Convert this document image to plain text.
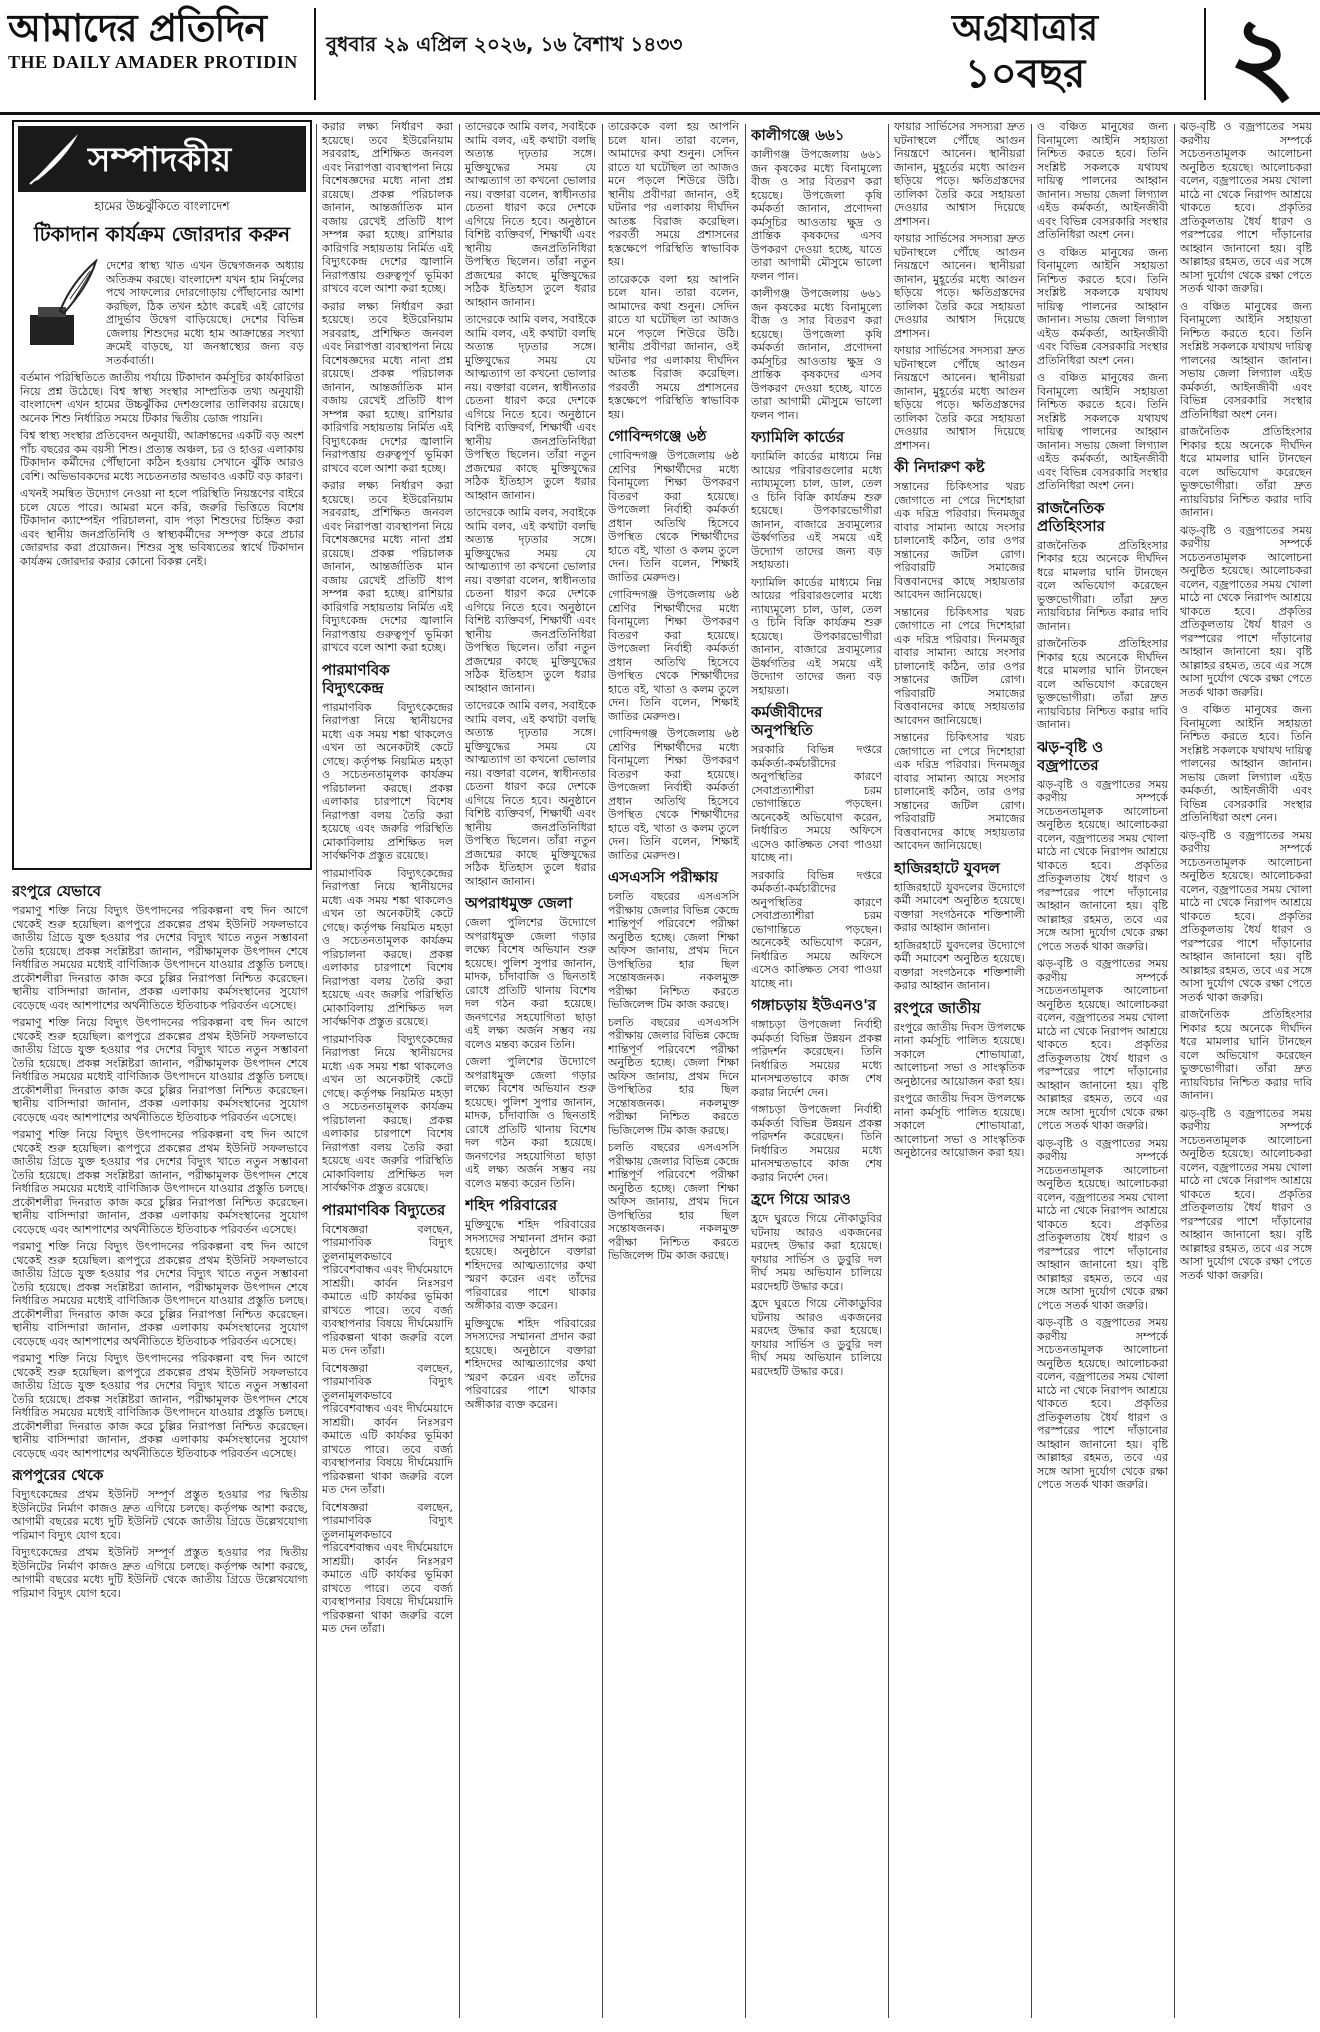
আমাদের প্রতিদিন
THE DAILY AMADER PROTIDIN
বুধবার ২৯ এপ্রিল ২০২৬, ১৬ বৈশাখ ১৪৩৩	অগ্রযাত্রার
১০বছর	২
সম্পাদকীয়
হামের উচ্চঝুঁকিতে বাংলাদেশ
টিকাদান কার্যক্রম জোরদার করুন

দেশের স্বাস্থ্য খাত এখন উদ্বেগজনক অধ্যায় অতিক্রম করছে। বাংলাদেশ যখন হাম নির্মূলের পথে সাফল্যের দোরগোড়ায় পৌঁছানোর আশা করছিল, ঠিক তখন হঠাৎ করেই এই রোগের প্রাদুর্ভাব উদ্বেগ বাড়িয়েছে। দেশের বিভিন্ন জেলায় শিশুদের মধ্যে হাম আক্রান্তের সংখ্যা ক্রমেই বাড়ছে, যা জনস্বাস্থ্যের জন্য বড় সতর্কবার্তা।

বর্তমান পরিস্থিতিতে জাতীয় পর্যায়ে টিকাদান কর্মসূচির কার্যকারিতা নিয়ে প্রশ্ন উঠেছে। বিশ্ব স্বাস্থ্য সংস্থার সাম্প্রতিক তথ্য অনুযায়ী বাংলাদেশ এখন হামের উচ্চঝুঁকির দেশগুলোর তালিকায় রয়েছে। অনেক শিশু নির্ধারিত সময়ে টিকার দ্বিতীয় ডোজ পায়নি।

বিশ্ব স্বাস্থ্য সংস্থার প্রতিবেদন অনুযায়ী, আক্রান্তদের একটি বড় অংশ পাঁচ বছরের কম বয়সী শিশু। প্রত্যন্ত অঞ্চল, চর ও হাওর এলাকায় টিকাদান কর্মীদের পৌঁছানো কঠিন হওয়ায় সেখানে ঝুঁকি আরও বেশি। অভিভাবকদের মধ্যে সচেতনতার অভাবও একটি বড় কারণ।

এখনই সমন্বিত উদ্যোগ নেওয়া না হলে পরিস্থিতি নিয়ন্ত্রণের বাইরে চলে যেতে পারে। আমরা মনে করি, জরুরি ভিত্তিতে বিশেষ টিকাদান ক্যাম্পেইন পরিচালনা, বাদ পড়া শিশুদের চিহ্নিত করা এবং স্থানীয় জনপ্রতিনিধি ও স্বাস্থ্যকর্মীদের সম্পৃক্ত করে প্রচার জোরদার করা প্রয়োজন। শিশুর সুস্থ ভবিষ্যতের স্বার্থে টিকাদান কার্যক্রম জোরদার করার কোনো বিকল্প নেই।

রংপুরে যেভাবে

পরমাণু শক্তি নিয়ে বিদ্যুৎ উৎপাদনের পরিকল্পনা বহু দিন আগে থেকেই শুরু হয়েছিল। রূপপুরে প্রকল্পের প্রথম ইউনিট সফলভাবে জাতীয় গ্রিডে যুক্ত হওয়ার পর দেশের বিদ্যুৎ খাতে নতুন সম্ভাবনা তৈরি হয়েছে। প্রকল্প সংশ্লিষ্টরা জানান, পরীক্ষামূলক উৎপাদন শেষে নির্ধারিত সময়ের মধ্যেই বাণিজ্যিক উৎপাদনে যাওয়ার প্রস্তুতি চলছে। প্রকৌশলীরা দিনরাত কাজ করে চুল্লির নিরাপত্তা নিশ্চিত করেছেন। স্থানীয় বাসিন্দারা জানান, প্রকল্প এলাকায় কর্মসংস্থানের সুযোগ বেড়েছে এবং আশপাশের অর্থনীতিতে ইতিবাচক পরিবর্তন এসেছে।

পরমাণু শক্তি নিয়ে বিদ্যুৎ উৎপাদনের পরিকল্পনা বহু দিন আগে থেকেই শুরু হয়েছিল। রূপপুরে প্রকল্পের প্রথম ইউনিট সফলভাবে জাতীয় গ্রিডে যুক্ত হওয়ার পর দেশের বিদ্যুৎ খাতে নতুন সম্ভাবনা তৈরি হয়েছে। প্রকল্প সংশ্লিষ্টরা জানান, পরীক্ষামূলক উৎপাদন শেষে নির্ধারিত সময়ের মধ্যেই বাণিজ্যিক উৎপাদনে যাওয়ার প্রস্তুতি চলছে। প্রকৌশলীরা দিনরাত কাজ করে চুল্লির নিরাপত্তা নিশ্চিত করেছেন। স্থানীয় বাসিন্দারা জানান, প্রকল্প এলাকায় কর্মসংস্থানের সুযোগ বেড়েছে এবং আশপাশের অর্থনীতিতে ইতিবাচক পরিবর্তন এসেছে।

পরমাণু শক্তি নিয়ে বিদ্যুৎ উৎপাদনের পরিকল্পনা বহু দিন আগে থেকেই শুরু হয়েছিল। রূপপুরে প্রকল্পের প্রথম ইউনিট সফলভাবে জাতীয় গ্রিডে যুক্ত হওয়ার পর দেশের বিদ্যুৎ খাতে নতুন সম্ভাবনা তৈরি হয়েছে। প্রকল্প সংশ্লিষ্টরা জানান, পরীক্ষামূলক উৎপাদন শেষে নির্ধারিত সময়ের মধ্যেই বাণিজ্যিক উৎপাদনে যাওয়ার প্রস্তুতি চলছে। প্রকৌশলীরা দিনরাত কাজ করে চুল্লির নিরাপত্তা নিশ্চিত করেছেন। স্থানীয় বাসিন্দারা জানান, প্রকল্প এলাকায় কর্মসংস্থানের সুযোগ বেড়েছে এবং আশপাশের অর্থনীতিতে ইতিবাচক পরিবর্তন এসেছে।

পরমাণু শক্তি নিয়ে বিদ্যুৎ উৎপাদনের পরিকল্পনা বহু দিন আগে থেকেই শুরু হয়েছিল। রূপপুরে প্রকল্পের প্রথম ইউনিট সফলভাবে জাতীয় গ্রিডে যুক্ত হওয়ার পর দেশের বিদ্যুৎ খাতে নতুন সম্ভাবনা তৈরি হয়েছে। প্রকল্প সংশ্লিষ্টরা জানান, পরীক্ষামূলক উৎপাদন শেষে নির্ধারিত সময়ের মধ্যেই বাণিজ্যিক উৎপাদনে যাওয়ার প্রস্তুতি চলছে। প্রকৌশলীরা দিনরাত কাজ করে চুল্লির নিরাপত্তা নিশ্চিত করেছেন। স্থানীয় বাসিন্দারা জানান, প্রকল্প এলাকায় কর্মসংস্থানের সুযোগ বেড়েছে এবং আশপাশের অর্থনীতিতে ইতিবাচক পরিবর্তন এসেছে।

পরমাণু শক্তি নিয়ে বিদ্যুৎ উৎপাদনের পরিকল্পনা বহু দিন আগে থেকেই শুরু হয়েছিল। রূপপুরে প্রকল্পের প্রথম ইউনিট সফলভাবে জাতীয় গ্রিডে যুক্ত হওয়ার পর দেশের বিদ্যুৎ খাতে নতুন সম্ভাবনা তৈরি হয়েছে। প্রকল্প সংশ্লিষ্টরা জানান, পরীক্ষামূলক উৎপাদন শেষে নির্ধারিত সময়ের মধ্যেই বাণিজ্যিক উৎপাদনে যাওয়ার প্রস্তুতি চলছে। প্রকৌশলীরা দিনরাত কাজ করে চুল্লির নিরাপত্তা নিশ্চিত করেছেন। স্থানীয় বাসিন্দারা জানান, প্রকল্প এলাকায় কর্মসংস্থানের সুযোগ বেড়েছে এবং আশপাশের অর্থনীতিতে ইতিবাচক পরিবর্তন এসেছে।

রূপপুরের থেকে

বিদ্যুৎকেন্দ্রের প্রথম ইউনিট সম্পূর্ণ প্রস্তুত হওয়ার পর দ্বিতীয় ইউনিটের নির্মাণ কাজও দ্রুত এগিয়ে চলছে। কর্তৃপক্ষ আশা করছে, আগামী বছরের মধ্যে দুটি ইউনিট থেকে জাতীয় গ্রিডে উল্লেখযোগ্য পরিমাণ বিদ্যুৎ যোগ হবে।

বিদ্যুৎকেন্দ্রের প্রথম ইউনিট সম্পূর্ণ প্রস্তুত হওয়ার পর দ্বিতীয় ইউনিটের নির্মাণ কাজও দ্রুত এগিয়ে চলছে। কর্তৃপক্ষ আশা করছে, আগামী বছরের মধ্যে দুটি ইউনিট থেকে জাতীয় গ্রিডে উল্লেখযোগ্য পরিমাণ বিদ্যুৎ যোগ হবে।

করার লক্ষ্য নির্ধারণ করা হয়েছে। তবে ইউরেনিয়াম সরবরাহ, প্রশিক্ষিত জনবল এবং নিরাপত্তা ব্যবস্থাপনা নিয়ে বিশেষজ্ঞদের মধ্যে নানা প্রশ্ন রয়েছে। প্রকল্প পরিচালক জানান, আন্তর্জাতিক মান বজায় রেখেই প্রতিটি ধাপ সম্পন্ন করা হচ্ছে। রাশিয়ার কারিগরি সহায়তায় নির্মিত এই বিদ্যুৎকেন্দ্র দেশের জ্বালানি নিরাপত্তায় গুরুত্বপূর্ণ ভূমিকা রাখবে বলে আশা করা হচ্ছে।

করার লক্ষ্য নির্ধারণ করা হয়েছে। তবে ইউরেনিয়াম সরবরাহ, প্রশিক্ষিত জনবল এবং নিরাপত্তা ব্যবস্থাপনা নিয়ে বিশেষজ্ঞদের মধ্যে নানা প্রশ্ন রয়েছে। প্রকল্প পরিচালক জানান, আন্তর্জাতিক মান বজায় রেখেই প্রতিটি ধাপ সম্পন্ন করা হচ্ছে। রাশিয়ার কারিগরি সহায়তায় নির্মিত এই বিদ্যুৎকেন্দ্র দেশের জ্বালানি নিরাপত্তায় গুরুত্বপূর্ণ ভূমিকা রাখবে বলে আশা করা হচ্ছে।

করার লক্ষ্য নির্ধারণ করা হয়েছে। তবে ইউরেনিয়াম সরবরাহ, প্রশিক্ষিত জনবল এবং নিরাপত্তা ব্যবস্থাপনা নিয়ে বিশেষজ্ঞদের মধ্যে নানা প্রশ্ন রয়েছে। প্রকল্প পরিচালক জানান, আন্তর্জাতিক মান বজায় রেখেই প্রতিটি ধাপ সম্পন্ন করা হচ্ছে। রাশিয়ার কারিগরি সহায়তায় নির্মিত এই বিদ্যুৎকেন্দ্র দেশের জ্বালানি নিরাপত্তায় গুরুত্বপূর্ণ ভূমিকা রাখবে বলে আশা করা হচ্ছে।

পারমাণবিক বিদ্যুৎকেন্দ্র

পারমাণবিক বিদ্যুৎকেন্দ্রের নিরাপত্তা নিয়ে স্থানীয়দের মধ্যে এক সময় শঙ্কা থাকলেও এখন তা অনেকটাই কেটে গেছে। কর্তৃপক্ষ নিয়মিত মহড়া ও সচেতনতামূলক কার্যক্রম পরিচালনা করছে। প্রকল্প এলাকার চারপাশে বিশেষ নিরাপত্তা বলয় তৈরি করা হয়েছে এবং জরুরি পরিস্থিতি মোকাবিলায় প্রশিক্ষিত দল সার্বক্ষণিক প্রস্তুত রয়েছে।

পারমাণবিক বিদ্যুৎকেন্দ্রের নিরাপত্তা নিয়ে স্থানীয়দের মধ্যে এক সময় শঙ্কা থাকলেও এখন তা অনেকটাই কেটে গেছে। কর্তৃপক্ষ নিয়মিত মহড়া ও সচেতনতামূলক কার্যক্রম পরিচালনা করছে। প্রকল্প এলাকার চারপাশে বিশেষ নিরাপত্তা বলয় তৈরি করা হয়েছে এবং জরুরি পরিস্থিতি মোকাবিলায় প্রশিক্ষিত দল সার্বক্ষণিক প্রস্তুত রয়েছে।

পারমাণবিক বিদ্যুৎকেন্দ্রের নিরাপত্তা নিয়ে স্থানীয়দের মধ্যে এক সময় শঙ্কা থাকলেও এখন তা অনেকটাই কেটে গেছে। কর্তৃপক্ষ নিয়মিত মহড়া ও সচেতনতামূলক কার্যক্রম পরিচালনা করছে। প্রকল্প এলাকার চারপাশে বিশেষ নিরাপত্তা বলয় তৈরি করা হয়েছে এবং জরুরি পরিস্থিতি মোকাবিলায় প্রশিক্ষিত দল সার্বক্ষণিক প্রস্তুত রয়েছে।

পারমাণবিক বিদ্যুতের

বিশেষজ্ঞরা বলছেন, পারমাণবিক বিদ্যুৎ তুলনামূলকভাবে পরিবেশবান্ধব এবং দীর্ঘমেয়াদে সাশ্রয়ী। কার্বন নিঃসরণ কমাতে এটি কার্যকর ভূমিকা রাখতে পারে। তবে বর্জ্য ব্যবস্থাপনার বিষয়ে দীর্ঘমেয়াদি পরিকল্পনা থাকা জরুরি বলে মত দেন তাঁরা।

বিশেষজ্ঞরা বলছেন, পারমাণবিক বিদ্যুৎ তুলনামূলকভাবে পরিবেশবান্ধব এবং দীর্ঘমেয়াদে সাশ্রয়ী। কার্বন নিঃসরণ কমাতে এটি কার্যকর ভূমিকা রাখতে পারে। তবে বর্জ্য ব্যবস্থাপনার বিষয়ে দীর্ঘমেয়াদি পরিকল্পনা থাকা জরুরি বলে মত দেন তাঁরা।

বিশেষজ্ঞরা বলছেন, পারমাণবিক বিদ্যুৎ তুলনামূলকভাবে পরিবেশবান্ধব এবং দীর্ঘমেয়াদে সাশ্রয়ী। কার্বন নিঃসরণ কমাতে এটি কার্যকর ভূমিকা রাখতে পারে। তবে বর্জ্য ব্যবস্থাপনার বিষয়ে দীর্ঘমেয়াদি পরিকল্পনা থাকা জরুরি বলে মত দেন তাঁরা।

তাদেরকে আমি বলব, সবাইকে আমি বলব, এই কথাটা বলছি অত্যন্ত দৃঢ়তার সঙ্গে। মুক্তিযুদ্ধের সময় যে আত্মত্যাগ তা কখনো ভোলার নয়। বক্তারা বলেন, স্বাধীনতার চেতনা ধারণ করে দেশকে এগিয়ে নিতে হবে। অনুষ্ঠানে বিশিষ্ট ব্যক্তিবর্গ, শিক্ষার্থী এবং স্থানীয় জনপ্রতিনিধিরা উপস্থিত ছিলেন। তাঁরা নতুন প্রজন্মের কাছে মুক্তিযুদ্ধের সঠিক ইতিহাস তুলে ধরার আহ্বান জানান।

তাদেরকে আমি বলব, সবাইকে আমি বলব, এই কথাটা বলছি অত্যন্ত দৃঢ়তার সঙ্গে। মুক্তিযুদ্ধের সময় যে আত্মত্যাগ তা কখনো ভোলার নয়। বক্তারা বলেন, স্বাধীনতার চেতনা ধারণ করে দেশকে এগিয়ে নিতে হবে। অনুষ্ঠানে বিশিষ্ট ব্যক্তিবর্গ, শিক্ষার্থী এবং স্থানীয় জনপ্রতিনিধিরা উপস্থিত ছিলেন। তাঁরা নতুন প্রজন্মের কাছে মুক্তিযুদ্ধের সঠিক ইতিহাস তুলে ধরার আহ্বান জানান।

তাদেরকে আমি বলব, সবাইকে আমি বলব, এই কথাটা বলছি অত্যন্ত দৃঢ়তার সঙ্গে। মুক্তিযুদ্ধের সময় যে আত্মত্যাগ তা কখনো ভোলার নয়। বক্তারা বলেন, স্বাধীনতার চেতনা ধারণ করে দেশকে এগিয়ে নিতে হবে। অনুষ্ঠানে বিশিষ্ট ব্যক্তিবর্গ, শিক্ষার্থী এবং স্থানীয় জনপ্রতিনিধিরা উপস্থিত ছিলেন। তাঁরা নতুন প্রজন্মের কাছে মুক্তিযুদ্ধের সঠিক ইতিহাস তুলে ধরার আহ্বান জানান।

তাদেরকে আমি বলব, সবাইকে আমি বলব, এই কথাটা বলছি অত্যন্ত দৃঢ়তার সঙ্গে। মুক্তিযুদ্ধের সময় যে আত্মত্যাগ তা কখনো ভোলার নয়। বক্তারা বলেন, স্বাধীনতার চেতনা ধারণ করে দেশকে এগিয়ে নিতে হবে। অনুষ্ঠানে বিশিষ্ট ব্যক্তিবর্গ, শিক্ষার্থী এবং স্থানীয় জনপ্রতিনিধিরা উপস্থিত ছিলেন। তাঁরা নতুন প্রজন্মের কাছে মুক্তিযুদ্ধের সঠিক ইতিহাস তুলে ধরার আহ্বান জানান।

অপরাধমুক্ত জেলা

জেলা পুলিশের উদ্যোগে অপরাধমুক্ত জেলা গড়ার লক্ষ্যে বিশেষ অভিযান শুরু হয়েছে। পুলিশ সুপার জানান, মাদক, চাঁদাবাজি ও ছিনতাই রোধে প্রতিটি থানায় বিশেষ দল গঠন করা হয়েছে। জনগণের সহযোগিতা ছাড়া এই লক্ষ্য অর্জন সম্ভব নয় বলেও মন্তব্য করেন তিনি।

জেলা পুলিশের উদ্যোগে অপরাধমুক্ত জেলা গড়ার লক্ষ্যে বিশেষ অভিযান শুরু হয়েছে। পুলিশ সুপার জানান, মাদক, চাঁদাবাজি ও ছিনতাই রোধে প্রতিটি থানায় বিশেষ দল গঠন করা হয়েছে। জনগণের সহযোগিতা ছাড়া এই লক্ষ্য অর্জন সম্ভব নয় বলেও মন্তব্য করেন তিনি।

শহিদ পরিবারের

মুক্তিযুদ্ধে শহিদ পরিবারের সদস্যদের সম্মাননা প্রদান করা হয়েছে। অনুষ্ঠানে বক্তারা শহিদদের আত্মত্যাগের কথা স্মরণ করেন এবং তাঁদের পরিবারের পাশে থাকার অঙ্গীকার ব্যক্ত করেন।

মুক্তিযুদ্ধে শহিদ পরিবারের সদস্যদের সম্মাননা প্রদান করা হয়েছে। অনুষ্ঠানে বক্তারা শহিদদের আত্মত্যাগের কথা স্মরণ করেন এবং তাঁদের পরিবারের পাশে থাকার অঙ্গীকার ব্যক্ত করেন।

তারেককে বলা হয় আপনি চলে যান। তারা বলেন, আমাদের কথা শুনুন। সেদিন রাতে যা ঘটেছিল তা আজও মনে পড়লে শিউরে উঠি। স্থানীয় প্রবীণরা জানান, ওই ঘটনার পর এলাকায় দীর্ঘদিন আতঙ্ক বিরাজ করেছিল। পরবর্তী সময়ে প্রশাসনের হস্তক্ষেপে পরিস্থিতি স্বাভাবিক হয়।

তারেককে বলা হয় আপনি চলে যান। তারা বলেন, আমাদের কথা শুনুন। সেদিন রাতে যা ঘটেছিল তা আজও মনে পড়লে শিউরে উঠি। স্থানীয় প্রবীণরা জানান, ওই ঘটনার পর এলাকায় দীর্ঘদিন আতঙ্ক বিরাজ করেছিল। পরবর্তী সময়ে প্রশাসনের হস্তক্ষেপে পরিস্থিতি স্বাভাবিক হয়।

গোবিন্দগঞ্জে ৬ষ্ঠ

গোবিন্দগঞ্জ উপজেলায় ৬ষ্ঠ শ্রেণির শিক্ষার্থীদের মধ্যে বিনামূল্যে শিক্ষা উপকরণ বিতরণ করা হয়েছে। উপজেলা নির্বাহী কর্মকর্তা প্রধান অতিথি হিসেবে উপস্থিত থেকে শিক্ষার্থীদের হাতে বই, খাতা ও কলম তুলে দেন। তিনি বলেন, শিক্ষাই জাতির মেরুদণ্ড।

গোবিন্দগঞ্জ উপজেলায় ৬ষ্ঠ শ্রেণির শিক্ষার্থীদের মধ্যে বিনামূল্যে শিক্ষা উপকরণ বিতরণ করা হয়েছে। উপজেলা নির্বাহী কর্মকর্তা প্রধান অতিথি হিসেবে উপস্থিত থেকে শিক্ষার্থীদের হাতে বই, খাতা ও কলম তুলে দেন। তিনি বলেন, শিক্ষাই জাতির মেরুদণ্ড।

গোবিন্দগঞ্জ উপজেলায় ৬ষ্ঠ শ্রেণির শিক্ষার্থীদের মধ্যে বিনামূল্যে শিক্ষা উপকরণ বিতরণ করা হয়েছে। উপজেলা নির্বাহী কর্মকর্তা প্রধান অতিথি হিসেবে উপস্থিত থেকে শিক্ষার্থীদের হাতে বই, খাতা ও কলম তুলে দেন। তিনি বলেন, শিক্ষাই জাতির মেরুদণ্ড।

এসএসসি পরীক্ষায়

চলতি বছরের এসএসসি পরীক্ষায় জেলার বিভিন্ন কেন্দ্রে শান্তিপূর্ণ পরিবেশে পরীক্ষা অনুষ্ঠিত হচ্ছে। জেলা শিক্ষা অফিস জানায়, প্রথম দিনে উপস্থিতির হার ছিল সন্তোষজনক। নকলমুক্ত পরীক্ষা নিশ্চিত করতে ভিজিলেন্স টিম কাজ করছে।

চলতি বছরের এসএসসি পরীক্ষায় জেলার বিভিন্ন কেন্দ্রে শান্তিপূর্ণ পরিবেশে পরীক্ষা অনুষ্ঠিত হচ্ছে। জেলা শিক্ষা অফিস জানায়, প্রথম দিনে উপস্থিতির হার ছিল সন্তোষজনক। নকলমুক্ত পরীক্ষা নিশ্চিত করতে ভিজিলেন্স টিম কাজ করছে।

চলতি বছরের এসএসসি পরীক্ষায় জেলার বিভিন্ন কেন্দ্রে শান্তিপূর্ণ পরিবেশে পরীক্ষা অনুষ্ঠিত হচ্ছে। জেলা শিক্ষা অফিস জানায়, প্রথম দিনে উপস্থিতির হার ছিল সন্তোষজনক। নকলমুক্ত পরীক্ষা নিশ্চিত করতে ভিজিলেন্স টিম কাজ করছে।

কালীগঞ্জে ৬৬১

কালীগঞ্জ উপজেলায় ৬৬১ জন কৃষকের মধ্যে বিনামূল্যে বীজ ও সার বিতরণ করা হয়েছে। উপজেলা কৃষি কর্মকর্তা জানান, প্রণোদনা কর্মসূচির আওতায় ক্ষুদ্র ও প্রান্তিক কৃষকদের এসব উপকরণ দেওয়া হচ্ছে, যাতে তারা আগামী মৌসুমে ভালো ফলন পান।

কালীগঞ্জ উপজেলায় ৬৬১ জন কৃষকের মধ্যে বিনামূল্যে বীজ ও সার বিতরণ করা হয়েছে। উপজেলা কৃষি কর্মকর্তা জানান, প্রণোদনা কর্মসূচির আওতায় ক্ষুদ্র ও প্রান্তিক কৃষকদের এসব উপকরণ দেওয়া হচ্ছে, যাতে তারা আগামী মৌসুমে ভালো ফলন পান।

ফ্যামিলি কার্ডের

ফ্যামিলি কার্ডের মাধ্যমে নিম্ন আয়ের পরিবারগুলোর মধ্যে ন্যায্যমূল্যে চাল, ডাল, তেল ও চিনি বিক্রি কার্যক্রম শুরু হয়েছে। উপকারভোগীরা জানান, বাজারে দ্রব্যমূল্যের ঊর্ধ্বগতির এই সময়ে এই উদ্যোগ তাদের জন্য বড় সহায়তা।

ফ্যামিলি কার্ডের মাধ্যমে নিম্ন আয়ের পরিবারগুলোর মধ্যে ন্যায্যমূল্যে চাল, ডাল, তেল ও চিনি বিক্রি কার্যক্রম শুরু হয়েছে। উপকারভোগীরা জানান, বাজারে দ্রব্যমূল্যের ঊর্ধ্বগতির এই সময়ে এই উদ্যোগ তাদের জন্য বড় সহায়তা।

কর্মজীবীদের অনুপস্থিতি

সরকারি বিভিন্ন দপ্তরে কর্মকর্তা-কর্মচারীদের অনুপস্থিতির কারণে সেবাপ্রত্যাশীরা চরম ভোগান্তিতে পড়ছেন। অনেকেই অভিযোগ করেন, নির্ধারিত সময়ে অফিসে এসেও কাঙ্ক্ষিত সেবা পাওয়া যাচ্ছে না।

সরকারি বিভিন্ন দপ্তরে কর্মকর্তা-কর্মচারীদের অনুপস্থিতির কারণে সেবাপ্রত্যাশীরা চরম ভোগান্তিতে পড়ছেন। অনেকেই অভিযোগ করেন, নির্ধারিত সময়ে অফিসে এসেও কাঙ্ক্ষিত সেবা পাওয়া যাচ্ছে না।

গঙ্গাচড়ায় ইউএনও'র

গঙ্গাচড়া উপজেলা নির্বাহী কর্মকর্তা বিভিন্ন উন্নয়ন প্রকল্প পরিদর্শন করেছেন। তিনি নির্ধারিত সময়ের মধ্যে মানসম্মতভাবে কাজ শেষ করার নির্দেশ দেন।

গঙ্গাচড়া উপজেলা নির্বাহী কর্মকর্তা বিভিন্ন উন্নয়ন প্রকল্প পরিদর্শন করেছেন। তিনি নির্ধারিত সময়ের মধ্যে মানসম্মতভাবে কাজ শেষ করার নির্দেশ দেন।

হ্রদে গিয়ে আরও

হ্রদে ঘুরতে গিয়ে নৌকাডুবির ঘটনায় আরও একজনের মরদেহ উদ্ধার করা হয়েছে। ফায়ার সার্ভিস ও ডুবুরি দল দীর্ঘ সময় অভিযান চালিয়ে মরদেহটি উদ্ধার করে।

হ্রদে ঘুরতে গিয়ে নৌকাডুবির ঘটনায় আরও একজনের মরদেহ উদ্ধার করা হয়েছে। ফায়ার সার্ভিস ও ডুবুরি দল দীর্ঘ সময় অভিযান চালিয়ে মরদেহটি উদ্ধার করে।

ফায়ার সার্ভিসের সদস্যরা দ্রুত ঘটনাস্থলে পৌঁছে আগুন নিয়ন্ত্রণে আনেন। স্থানীয়রা জানান, মুহূর্তের মধ্যে আগুন ছড়িয়ে পড়ে। ক্ষতিগ্রস্তদের তালিকা তৈরি করে সহায়তা দেওয়ার আশ্বাস দিয়েছে প্রশাসন।

ফায়ার সার্ভিসের সদস্যরা দ্রুত ঘটনাস্থলে পৌঁছে আগুন নিয়ন্ত্রণে আনেন। স্থানীয়রা জানান, মুহূর্তের মধ্যে আগুন ছড়িয়ে পড়ে। ক্ষতিগ্রস্তদের তালিকা তৈরি করে সহায়তা দেওয়ার আশ্বাস দিয়েছে প্রশাসন।

ফায়ার সার্ভিসের সদস্যরা দ্রুত ঘটনাস্থলে পৌঁছে আগুন নিয়ন্ত্রণে আনেন। স্থানীয়রা জানান, মুহূর্তের মধ্যে আগুন ছড়িয়ে পড়ে। ক্ষতিগ্রস্তদের তালিকা তৈরি করে সহায়তা দেওয়ার আশ্বাস দিয়েছে প্রশাসন।

কী নিদারুণ কষ্ট

সন্তানের চিকিৎসার খরচ জোগাতে না পেরে দিশেহারা এক দরিদ্র পরিবার। দিনমজুর বাবার সামান্য আয়ে সংসার চালানোই কঠিন, তার ওপর সন্তানের জটিল রোগ। পরিবারটি সমাজের বিত্তবানদের কাছে সহায়তার আবেদন জানিয়েছে।

সন্তানের চিকিৎসার খরচ জোগাতে না পেরে দিশেহারা এক দরিদ্র পরিবার। দিনমজুর বাবার সামান্য আয়ে সংসার চালানোই কঠিন, তার ওপর সন্তানের জটিল রোগ। পরিবারটি সমাজের বিত্তবানদের কাছে সহায়তার আবেদন জানিয়েছে।

সন্তানের চিকিৎসার খরচ জোগাতে না পেরে দিশেহারা এক দরিদ্র পরিবার। দিনমজুর বাবার সামান্য আয়ে সংসার চালানোই কঠিন, তার ওপর সন্তানের জটিল রোগ। পরিবারটি সমাজের বিত্তবানদের কাছে সহায়তার আবেদন জানিয়েছে।

হাজিরহাটে যুবদল

হাজিরহাটে যুবদলের উদ্যোগে কর্মী সমাবেশ অনুষ্ঠিত হয়েছে। বক্তারা সংগঠনকে শক্তিশালী করার আহ্বান জানান।

হাজিরহাটে যুবদলের উদ্যোগে কর্মী সমাবেশ অনুষ্ঠিত হয়েছে। বক্তারা সংগঠনকে শক্তিশালী করার আহ্বান জানান।

রংপুরে জাতীয়

রংপুরে জাতীয় দিবস উপলক্ষে নানা কর্মসূচি পালিত হয়েছে। সকালে শোভাযাত্রা, আলোচনা সভা ও সাংস্কৃতিক অনুষ্ঠানের আয়োজন করা হয়।

রংপুরে জাতীয় দিবস উপলক্ষে নানা কর্মসূচি পালিত হয়েছে। সকালে শোভাযাত্রা, আলোচনা সভা ও সাংস্কৃতিক অনুষ্ঠানের আয়োজন করা হয়।

ও বঞ্চিত মানুষের জন্য বিনামূল্যে আইনি সহায়তা নিশ্চিত করতে হবে। তিনি সংশ্লিষ্ট সকলকে যথাযথ দায়িত্ব পালনের আহ্বান জানান। সভায় জেলা লিগ্যাল এইড কর্মকর্তা, আইনজীবী এবং বিভিন্ন বেসরকারি সংস্থার প্রতিনিধিরা অংশ নেন।

ও বঞ্চিত মানুষের জন্য বিনামূল্যে আইনি সহায়তা নিশ্চিত করতে হবে। তিনি সংশ্লিষ্ট সকলকে যথাযথ দায়িত্ব পালনের আহ্বান জানান। সভায় জেলা লিগ্যাল এইড কর্মকর্তা, আইনজীবী এবং বিভিন্ন বেসরকারি সংস্থার প্রতিনিধিরা অংশ নেন।

ও বঞ্চিত মানুষের জন্য বিনামূল্যে আইনি সহায়তা নিশ্চিত করতে হবে। তিনি সংশ্লিষ্ট সকলকে যথাযথ দায়িত্ব পালনের আহ্বান জানান। সভায় জেলা লিগ্যাল এইড কর্মকর্তা, আইনজীবী এবং বিভিন্ন বেসরকারি সংস্থার প্রতিনিধিরা অংশ নেন।

রাজনৈতিক প্রতিহিংসার

রাজনৈতিক প্রতিহিংসার শিকার হয়ে অনেকে দীর্ঘদিন ধরে মামলার ঘানি টানছেন বলে অভিযোগ করেছেন ভুক্তভোগীরা। তাঁরা দ্রুত ন্যায়বিচার নিশ্চিত করার দাবি জানান।

রাজনৈতিক প্রতিহিংসার শিকার হয়ে অনেকে দীর্ঘদিন ধরে মামলার ঘানি টানছেন বলে অভিযোগ করেছেন ভুক্তভোগীরা। তাঁরা দ্রুত ন্যায়বিচার নিশ্চিত করার দাবি জানান।

ঝড়-বৃষ্টি ও বজ্রপাতের

ঝড়-বৃষ্টি ও বজ্রপাতের সময় করণীয় সম্পর্কে সচেতনতামূলক আলোচনা অনুষ্ঠিত হয়েছে। আলোচকরা বলেন, বজ্রপাতের সময় খোলা মাঠে না থেকে নিরাপদ আশ্রয়ে থাকতে হবে। প্রকৃতির প্রতিকূলতায় ধৈর্য ধারণ ও পরস্পরের পাশে দাঁড়ানোর আহ্বান জানানো হয়। বৃষ্টি আল্লাহর রহমত, তবে এর সঙ্গে আসা দুর্যোগ থেকে রক্ষা পেতে সতর্ক থাকা জরুরি।

ঝড়-বৃষ্টি ও বজ্রপাতের সময় করণীয় সম্পর্কে সচেতনতামূলক আলোচনা অনুষ্ঠিত হয়েছে। আলোচকরা বলেন, বজ্রপাতের সময় খোলা মাঠে না থেকে নিরাপদ আশ্রয়ে থাকতে হবে। প্রকৃতির প্রতিকূলতায় ধৈর্য ধারণ ও পরস্পরের পাশে দাঁড়ানোর আহ্বান জানানো হয়। বৃষ্টি আল্লাহর রহমত, তবে এর সঙ্গে আসা দুর্যোগ থেকে রক্ষা পেতে সতর্ক থাকা জরুরি।

ঝড়-বৃষ্টি ও বজ্রপাতের সময় করণীয় সম্পর্কে সচেতনতামূলক আলোচনা অনুষ্ঠিত হয়েছে। আলোচকরা বলেন, বজ্রপাতের সময় খোলা মাঠে না থেকে নিরাপদ আশ্রয়ে থাকতে হবে। প্রকৃতির প্রতিকূলতায় ধৈর্য ধারণ ও পরস্পরের পাশে দাঁড়ানোর আহ্বান জানানো হয়। বৃষ্টি আল্লাহর রহমত, তবে এর সঙ্গে আসা দুর্যোগ থেকে রক্ষা পেতে সতর্ক থাকা জরুরি।

ঝড়-বৃষ্টি ও বজ্রপাতের সময় করণীয় সম্পর্কে সচেতনতামূলক আলোচনা অনুষ্ঠিত হয়েছে। আলোচকরা বলেন, বজ্রপাতের সময় খোলা মাঠে না থেকে নিরাপদ আশ্রয়ে থাকতে হবে। প্রকৃতির প্রতিকূলতায় ধৈর্য ধারণ ও পরস্পরের পাশে দাঁড়ানোর আহ্বান জানানো হয়। বৃষ্টি আল্লাহর রহমত, তবে এর সঙ্গে আসা দুর্যোগ থেকে রক্ষা পেতে সতর্ক থাকা জরুরি।

ঝড়-বৃষ্টি ও বজ্রপাতের সময় করণীয় সম্পর্কে সচেতনতামূলক আলোচনা অনুষ্ঠিত হয়েছে। আলোচকরা বলেন, বজ্রপাতের সময় খোলা মাঠে না থেকে নিরাপদ আশ্রয়ে থাকতে হবে। প্রকৃতির প্রতিকূলতায় ধৈর্য ধারণ ও পরস্পরের পাশে দাঁড়ানোর আহ্বান জানানো হয়। বৃষ্টি আল্লাহর রহমত, তবে এর সঙ্গে আসা দুর্যোগ থেকে রক্ষা পেতে সতর্ক থাকা জরুরি।

ও বঞ্চিত মানুষের জন্য বিনামূল্যে আইনি সহায়তা নিশ্চিত করতে হবে। তিনি সংশ্লিষ্ট সকলকে যথাযথ দায়িত্ব পালনের আহ্বান জানান। সভায় জেলা লিগ্যাল এইড কর্মকর্তা, আইনজীবী এবং বিভিন্ন বেসরকারি সংস্থার প্রতিনিধিরা অংশ নেন।

রাজনৈতিক প্রতিহিংসার শিকার হয়ে অনেকে দীর্ঘদিন ধরে মামলার ঘানি টানছেন বলে অভিযোগ করেছেন ভুক্তভোগীরা। তাঁরা দ্রুত ন্যায়বিচার নিশ্চিত করার দাবি জানান।

ঝড়-বৃষ্টি ও বজ্রপাতের সময় করণীয় সম্পর্কে সচেতনতামূলক আলোচনা অনুষ্ঠিত হয়েছে। আলোচকরা বলেন, বজ্রপাতের সময় খোলা মাঠে না থেকে নিরাপদ আশ্রয়ে থাকতে হবে। প্রকৃতির প্রতিকূলতায় ধৈর্য ধারণ ও পরস্পরের পাশে দাঁড়ানোর আহ্বান জানানো হয়। বৃষ্টি আল্লাহর রহমত, তবে এর সঙ্গে আসা দুর্যোগ থেকে রক্ষা পেতে সতর্ক থাকা জরুরি।

ও বঞ্চিত মানুষের জন্য বিনামূল্যে আইনি সহায়তা নিশ্চিত করতে হবে। তিনি সংশ্লিষ্ট সকলকে যথাযথ দায়িত্ব পালনের আহ্বান জানান। সভায় জেলা লিগ্যাল এইড কর্মকর্তা, আইনজীবী এবং বিভিন্ন বেসরকারি সংস্থার প্রতিনিধিরা অংশ নেন।

ঝড়-বৃষ্টি ও বজ্রপাতের সময় করণীয় সম্পর্কে সচেতনতামূলক আলোচনা অনুষ্ঠিত হয়েছে। আলোচকরা বলেন, বজ্রপাতের সময় খোলা মাঠে না থেকে নিরাপদ আশ্রয়ে থাকতে হবে। প্রকৃতির প্রতিকূলতায় ধৈর্য ধারণ ও পরস্পরের পাশে দাঁড়ানোর আহ্বান জানানো হয়। বৃষ্টি আল্লাহর রহমত, তবে এর সঙ্গে আসা দুর্যোগ থেকে রক্ষা পেতে সতর্ক থাকা জরুরি।

রাজনৈতিক প্রতিহিংসার শিকার হয়ে অনেকে দীর্ঘদিন ধরে মামলার ঘানি টানছেন বলে অভিযোগ করেছেন ভুক্তভোগীরা। তাঁরা দ্রুত ন্যায়বিচার নিশ্চিত করার দাবি জানান।

ঝড়-বৃষ্টি ও বজ্রপাতের সময় করণীয় সম্পর্কে সচেতনতামূলক আলোচনা অনুষ্ঠিত হয়েছে। আলোচকরা বলেন, বজ্রপাতের সময় খোলা মাঠে না থেকে নিরাপদ আশ্রয়ে থাকতে হবে। প্রকৃতির প্রতিকূলতায় ধৈর্য ধারণ ও পরস্পরের পাশে দাঁড়ানোর আহ্বান জানানো হয়। বৃষ্টি আল্লাহর রহমত, তবে এর সঙ্গে আসা দুর্যোগ থেকে রক্ষা পেতে সতর্ক থাকা জরুরি।
